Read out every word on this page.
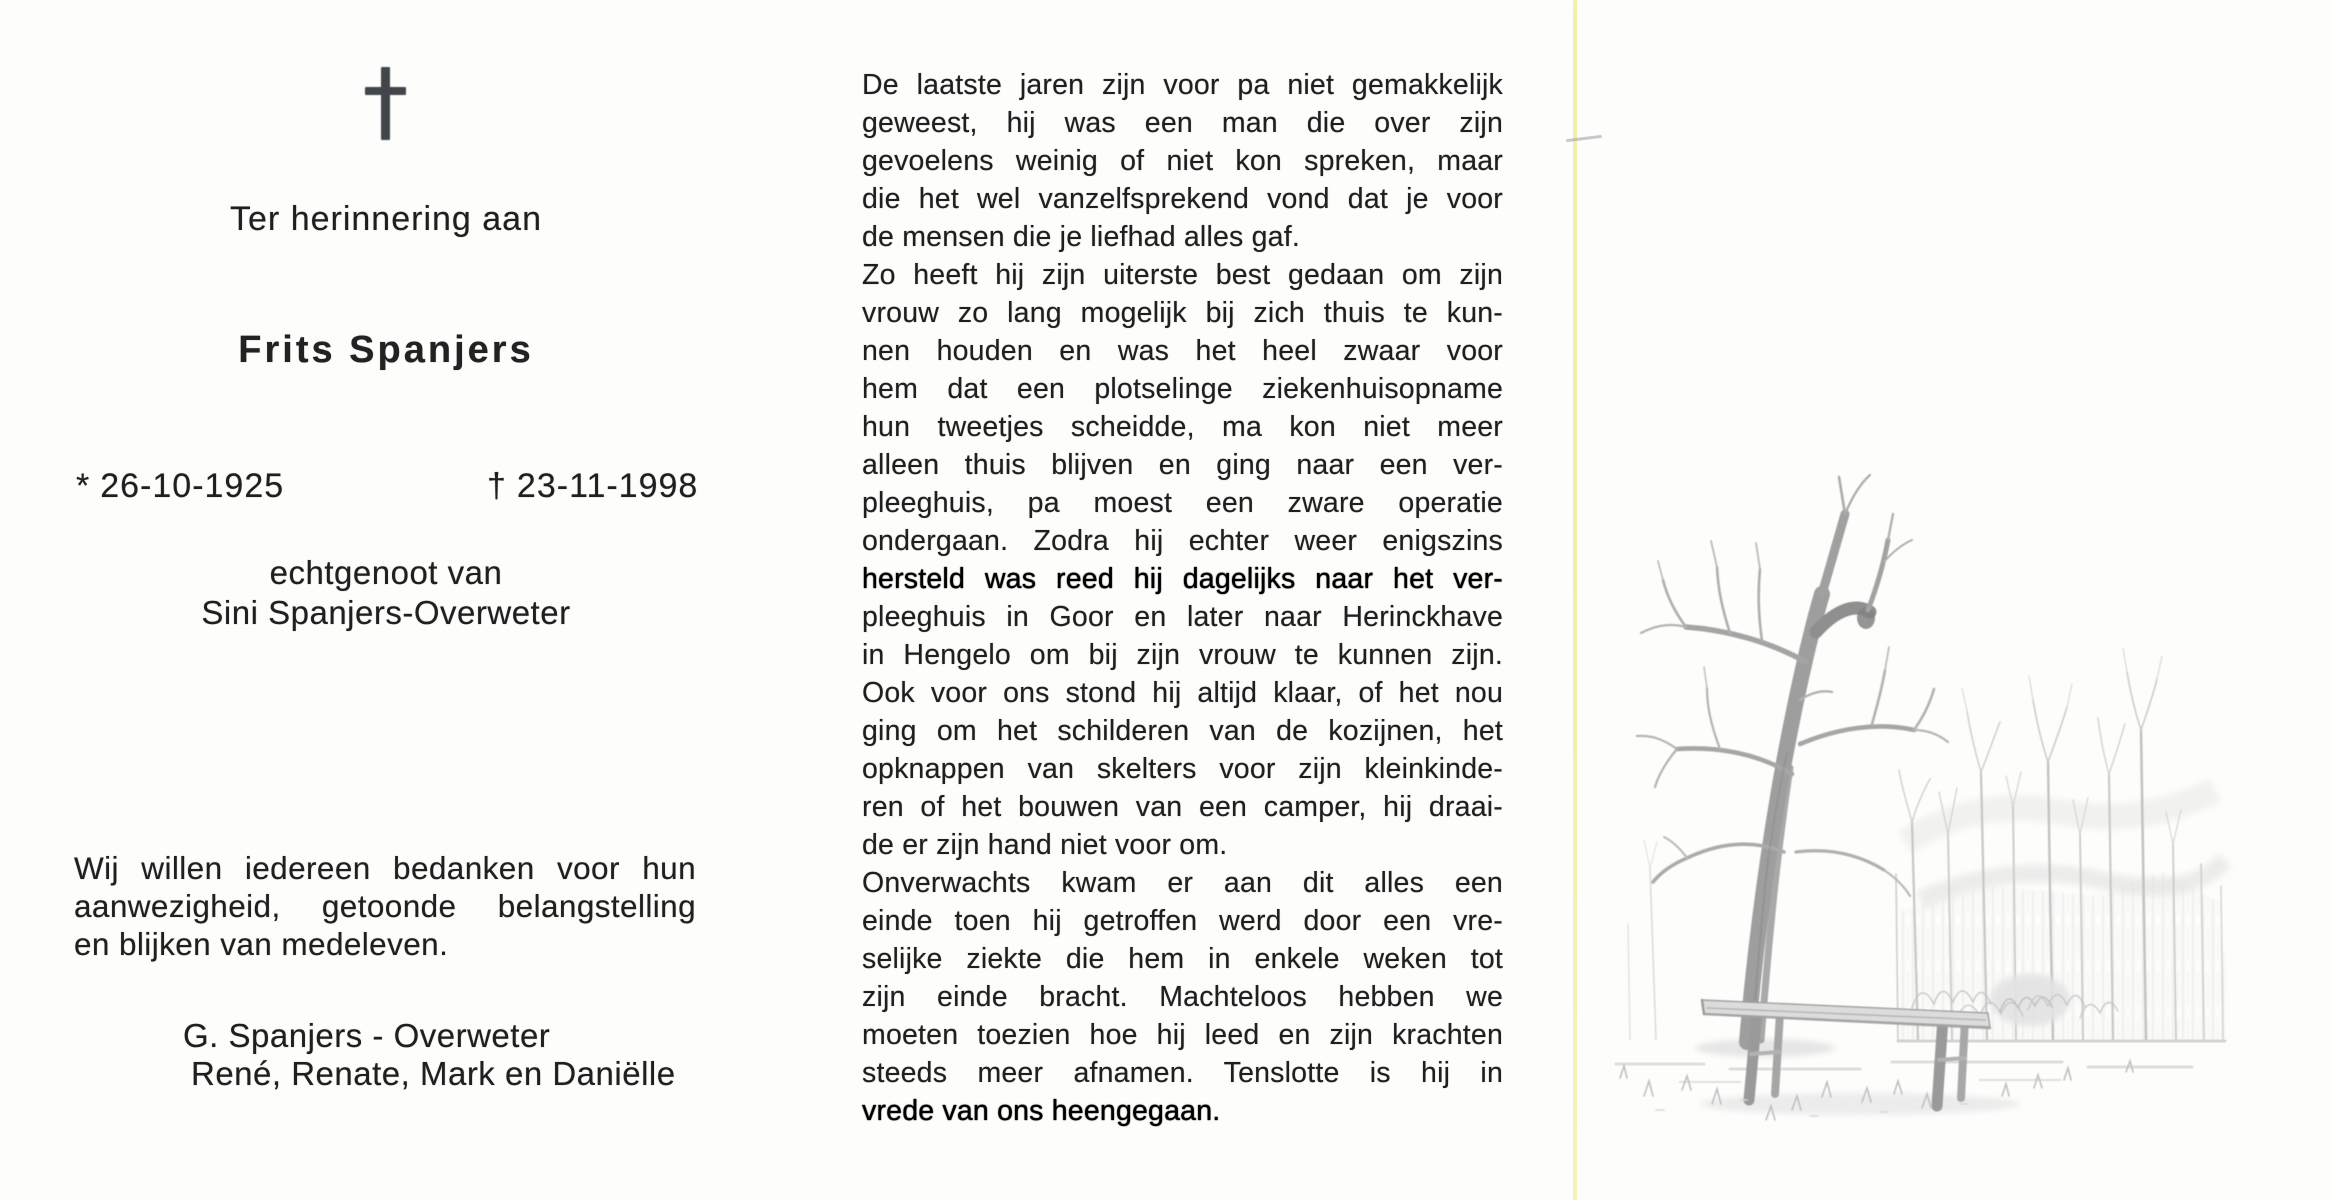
Ter herinnering aan
Frits Spanjers
* 26-10-1925	† 23-11-1998
echtgenoot van
Sini Spanjers-Overweter
Wij willen iedereen bedanken voor hun
aanwezigheid, getoonde belangstelling
en blijken van medeleven.
G. Spanjers - Overweter
René, Renate, Mark en Daniëlle
De laatste jaren zijn voor pa niet gemakkelijk
geweest, hij was een man die over zijn
gevoelens weinig of niet kon spreken, maar
die het wel vanzelfsprekend vond dat je voor
de mensen die je liefhad alles gaf.
Zo heeft hij zijn uiterste best gedaan om zijn
vrouw zo lang mogelijk bij zich thuis te kun-
nen houden en was het heel zwaar voor
hem dat een plotselinge ziekenhuisopname
hun tweetjes scheidde, ma kon niet meer
alleen thuis blijven en ging naar een ver-
pleeghuis, pa moest een zware operatie
ondergaan. Zodra hij echter weer enigszins
hersteld was reed hij dagelijks naar het ver-
pleeghuis in Goor en later naar Herinckhave
in Hengelo om bij zijn vrouw te kunnen zijn.
Ook voor ons stond hij altijd klaar, of het nou
ging om het schilderen van de kozijnen, het
opknappen van skelters voor zijn kleinkinde-
ren of het bouwen van een camper, hij draai-
de er zijn hand niet voor om.
Onverwachts kwam er aan dit alles een
einde toen hij getroffen werd door een vre-
selijke ziekte die hem in enkele weken tot
zijn einde bracht. Machteloos hebben we
moeten toezien hoe hij leed en zijn krachten
steeds meer afnamen. Tenslotte is hij in
vrede van ons heengegaan.
